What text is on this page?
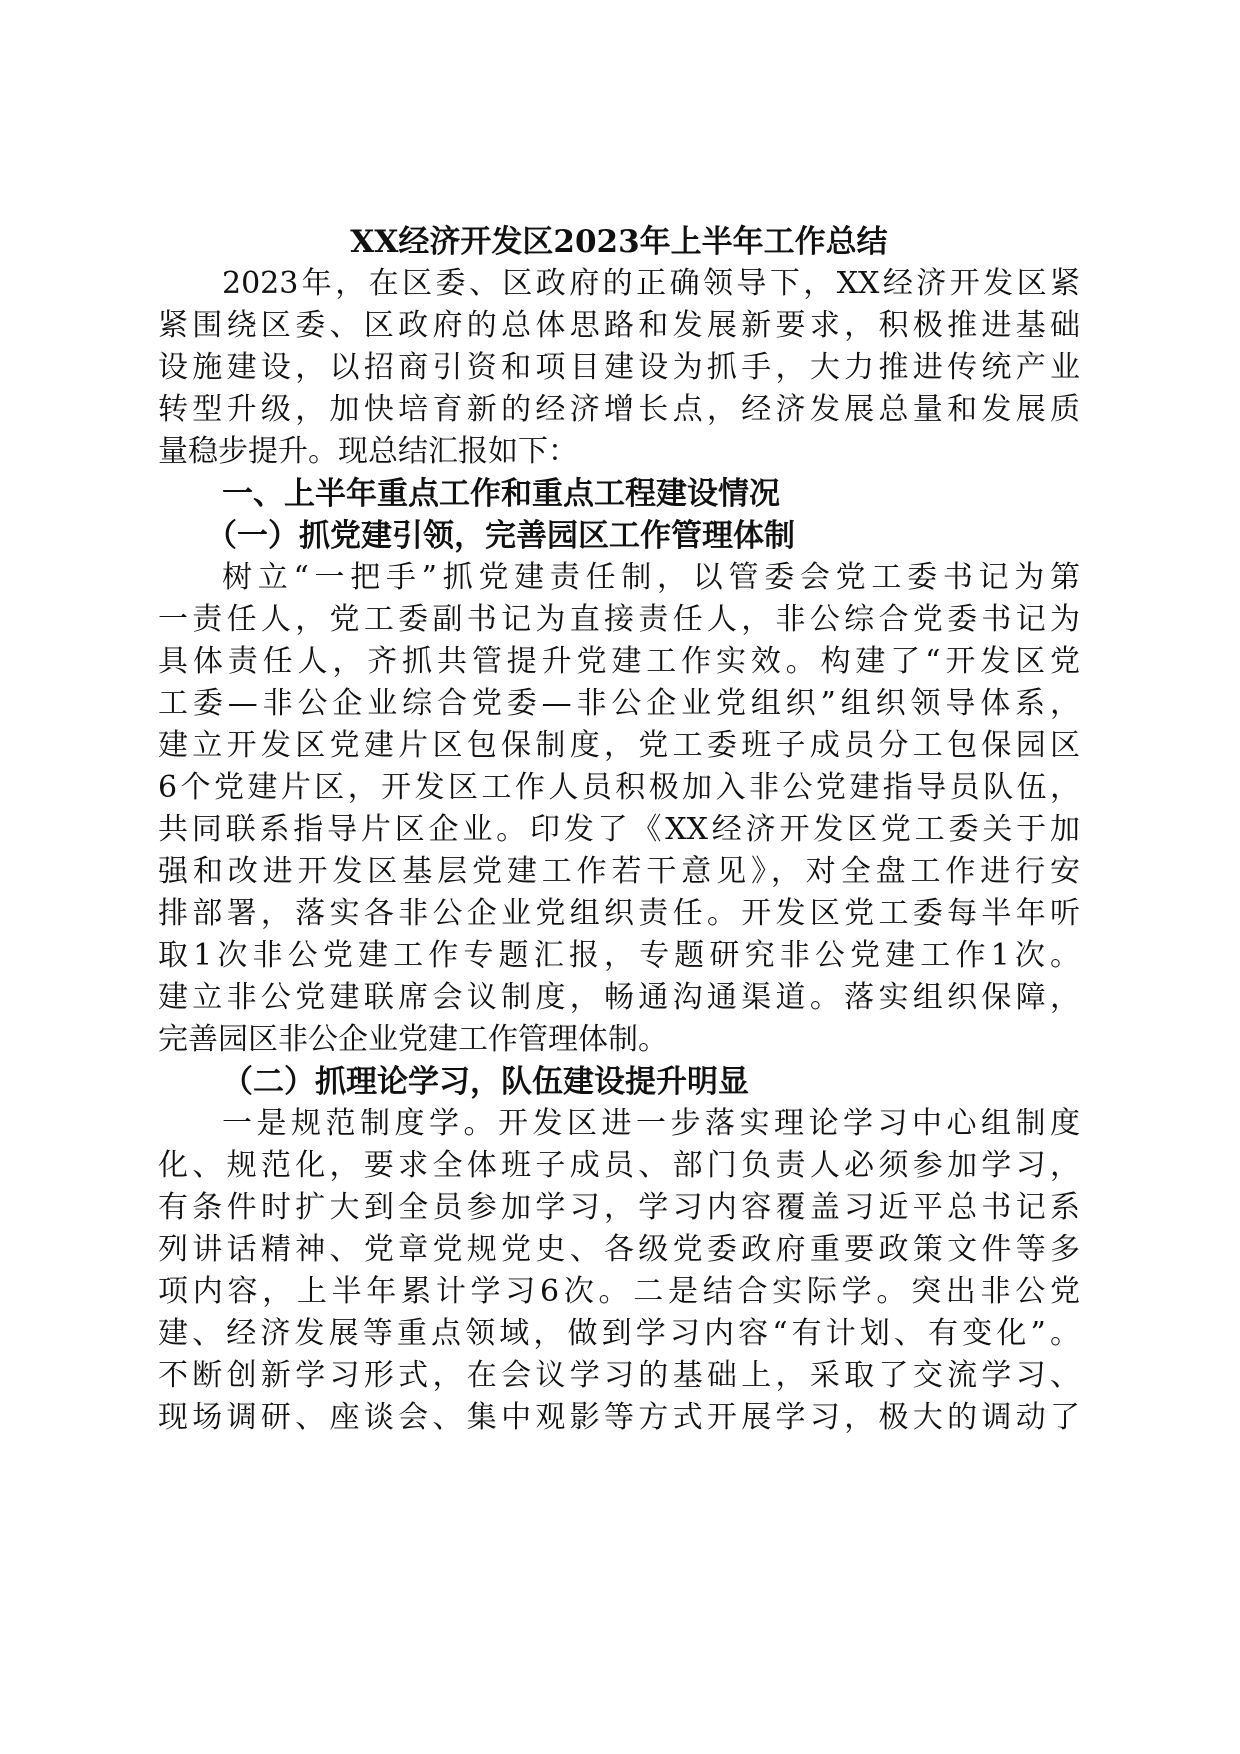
XX经济开发区2023年上半年工作总结
2023年，在区委、区政府的正确领导下，XX经济开发区紧
紧围绕区委、区政府的总体思路和发展新要求，积极推进基础
设施建设，以招商引资和项目建设为抓手，大力推进传统产业
转型升级，加快培育新的经济增长点，经济发展总量和发展质
量稳步提升。现总结汇报如下：
一、上半年重点工作和重点工程建设情况
（一）抓党建引领，完善园区工作管理体制
树立“一把手”抓党建责任制，以管委会党工委书记为第
一责任人，党工委副书记为直接责任人，非公综合党委书记为
具体责任人，齐抓共管提升党建工作实效。构建了“开发区党
工委—非公企业综合党委—非公企业党组织”组织领导体系，
建立开发区党建片区包保制度，党工委班子成员分工包保园区
6个党建片区，开发区工作人员积极加入非公党建指导员队伍，
共同联系指导片区企业。印发了《XX经济开发区党工委关于加
强和改进开发区基层党建工作若干意见》，对全盘工作进行安
排部署，落实各非公企业党组织责任。开发区党工委每半年听
取1次非公党建工作专题汇报，专题研究非公党建工作1次。
建立非公党建联席会议制度，畅通沟通渠道。落实组织保障，
完善园区非公企业党建工作管理体制。
（二）抓理论学习，队伍建设提升明显
一是规范制度学。开发区进一步落实理论学习中心组制度
化、规范化，要求全体班子成员、部门负责人必须参加学习，
有条件时扩大到全员参加学习，学习内容覆盖习近平总书记系
列讲话精神、党章党规党史、各级党委政府重要政策文件等多
项内容，上半年累计学习6次。二是结合实际学。突出非公党
建、经济发展等重点领域，做到学习内容“有计划、有变化”。
不断创新学习形式，在会议学习的基础上，采取了交流学习、
现场调研、座谈会、集中观影等方式开展学习，极大的调动了
